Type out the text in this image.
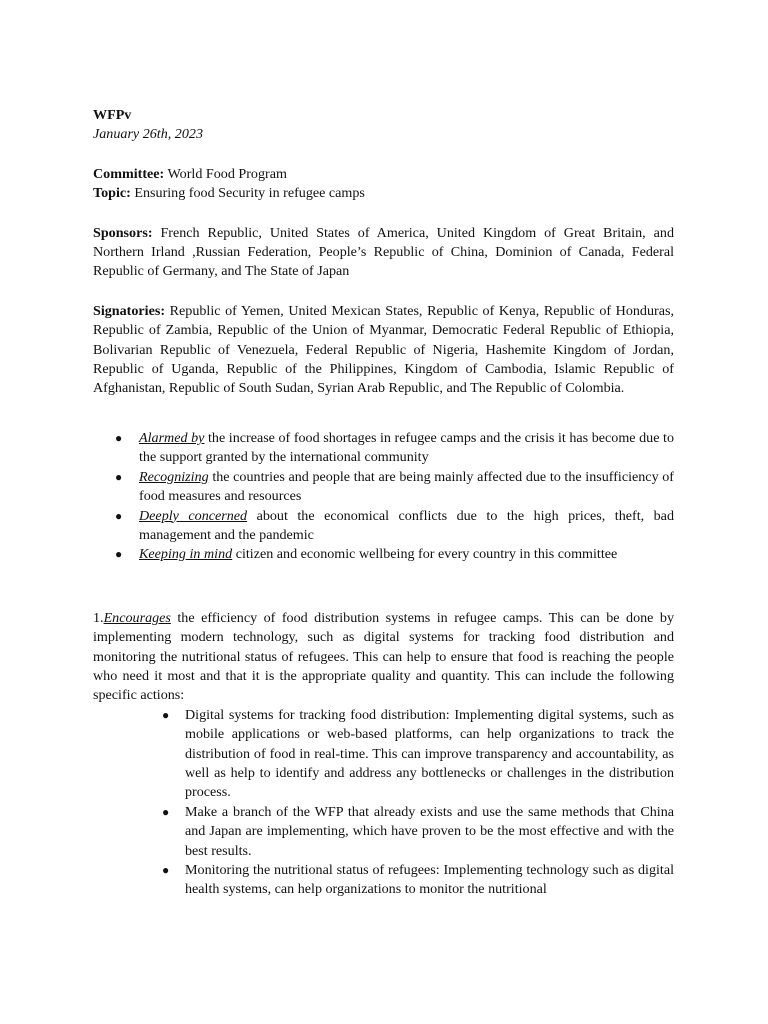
WFPv

January 26th, 2023

Committee: World Food Program

Topic: Ensuring food Security in refugee camps

Sponsors: French Republic, United States of America, United Kingdom of Great Britain, and Northern Irland ,Russian Federation, People’s Republic of China, Dominion of Canada, Federal Republic of Germany, and The State of Japan

Signatories: Republic of Yemen, United Mexican States, Republic of Kenya, Republic of Honduras, Republic of Zambia, Republic of the Union of Myanmar, Democratic Federal Republic of Ethiopia, Bolivarian Republic of Venezuela, Federal Republic of Nigeria, Hashemite Kingdom of Jordan, Republic of Uganda, Republic of the Philippines, Kingdom of Cambodia, Islamic Republic of Afghanistan, Republic of South Sudan, Syrian Arab Republic, and The Republic of Colombia.

● Alarmed by the increase of food shortages in refugee camps and the crisis it has become due to the support granted by the international community
● Recognizing the countries and people that are being mainly affected due to the insufficiency of food measures and resources
● Deeply concerned about the economical conflicts due to the high prices, theft, bad management and the pandemic
● Keeping in mind citizen and economic wellbeing for every country in this committee

1.Encourages the efficiency of food distribution systems in refugee camps. This can be done by implementing modern technology, such as digital systems for tracking food distribution and monitoring the nutritional status of refugees. This can help to ensure that food is reaching the people who need it most and that it is the appropriate quality and quantity. This can include the following specific actions:

● Digital systems for tracking food distribution: Implementing digital systems, such as mobile applications or web-based platforms, can help organizations to track the distribution of food in real-time. This can improve transparency and accountability, as well as help to identify and address any bottlenecks or challenges in the distribution process.
● Make a branch of the WFP that already exists and use the same methods that China and Japan are implementing, which have proven to be the most effective and with the best results.
● Monitoring the nutritional status of refugees: Implementing technology such as digital health systems, can help organizations to monitor the nutritional
